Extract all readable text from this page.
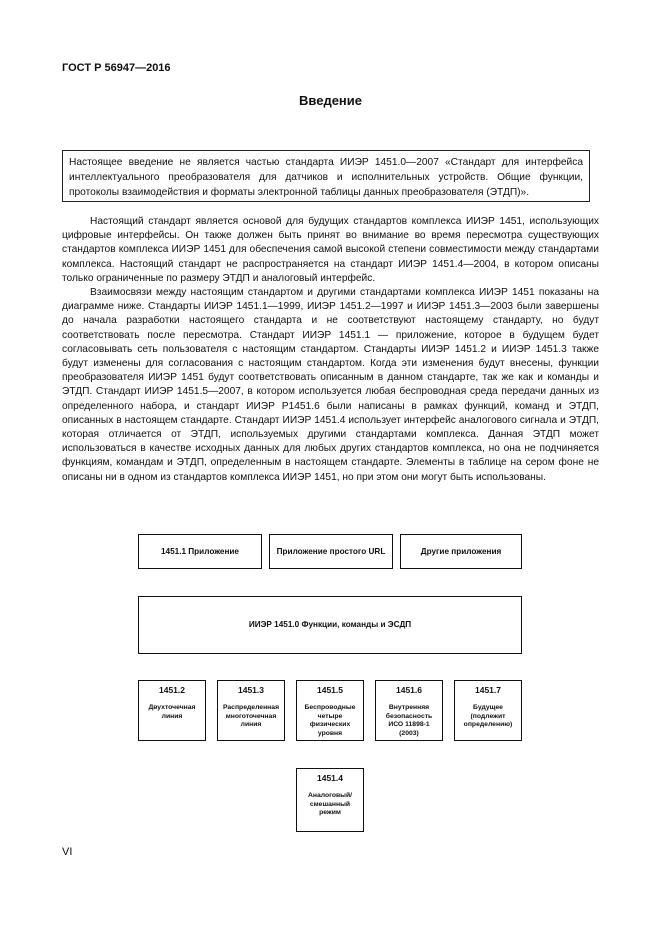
ГОСТ Р 56947—2016
Введение
Настоящее введение не является частью стандарта ИИЭР 1451.0—2007 «Стандарт для интерфейса интеллектуального преобразователя для датчиков и исполнительных устройств. Общие функции, протоколы взаимодействия и форматы электронной таблицы данных преобразователя (ЭТДП)».

Настоящий стандарт является основой для будущих стандартов комплекса ИИЭР 1451, использующих цифровые интерфейсы. Он также должен быть принят во внимание во время пересмотра существующих стандартов комплекса ИИЭР 1451 для обеспечения самой высокой степени совместимости между стандартами комплекса. Настоящий стандарт не распространяется на стандарт ИИЭР 1451.4—2004, в котором описаны только ограниченные по размеру ЭТДП и аналоговый интерфейс.

Взаимосвязи между настоящим стандартом и другими стандартами комплекса ИИЭР 1451 показаны на диаграмме ниже. Стандарты ИИЭР 1451.1—1999, ИИЭР 1451.2—1997 и ИИЭР 1451.3—2003 были завершены до начала разработки настоящего стандарта и не соответствуют настоящему стандарту, но будут соответствовать после пересмотра. Стандарт ИИЭР 1451.1 — приложение, которое в будущем будет согласовывать сеть пользователя с настоящим стандартом. Стандарты ИИЭР 1451.2 и ИИЭР 1451.3 также будут изменены для согласования с настоящим стандартом. Когда эти изменения будут внесены, функции преобразователя ИИЭР 1451 будут соответствовать описанным в данном стандарте, так же как и команды и ЭТДП. Стандарт ИИЭР 1451.5—2007, в котором используется любая беспроводная среда передачи данных из определенного набора, и стандарт ИИЭР Р1451.6 были написаны в рамках функций, команд и ЭТДП, описанных в настоящем стандарте. Стандарт ИИЭР 1451.4 использует интерфейс аналогового сигнала и ЭТДП, которая отличается от ЭТДП, используемых другими стандартами комплекса. Данная ЭТДП может использоваться в качестве исходных данных для любых других стандартов комплекса, но она не подчиняется функциям, командам и ЭТДП, определенным в настоящем стандарте. Элементы в таблице на сером фоне не описаны ни в одном из стандартов комплекса ИИЭР 1451, но при этом они могут быть использованы.

1451.1 Приложение	Приложение простого URL	Другие приложения
ИИЭР 1451.0 Функции, команды и ЭСДП
1451.2
Двухточечная линия
1451.3
Распределенная многоточечная линия
1451.5
Беспроводные четыре физических уровня
1451.6
Внутренняя безопасность ИСО 11898-1 (2003)
1451.7
Будущее (подлежит определению)
1451.4
Аналоговый/ смешанный режим
VI
